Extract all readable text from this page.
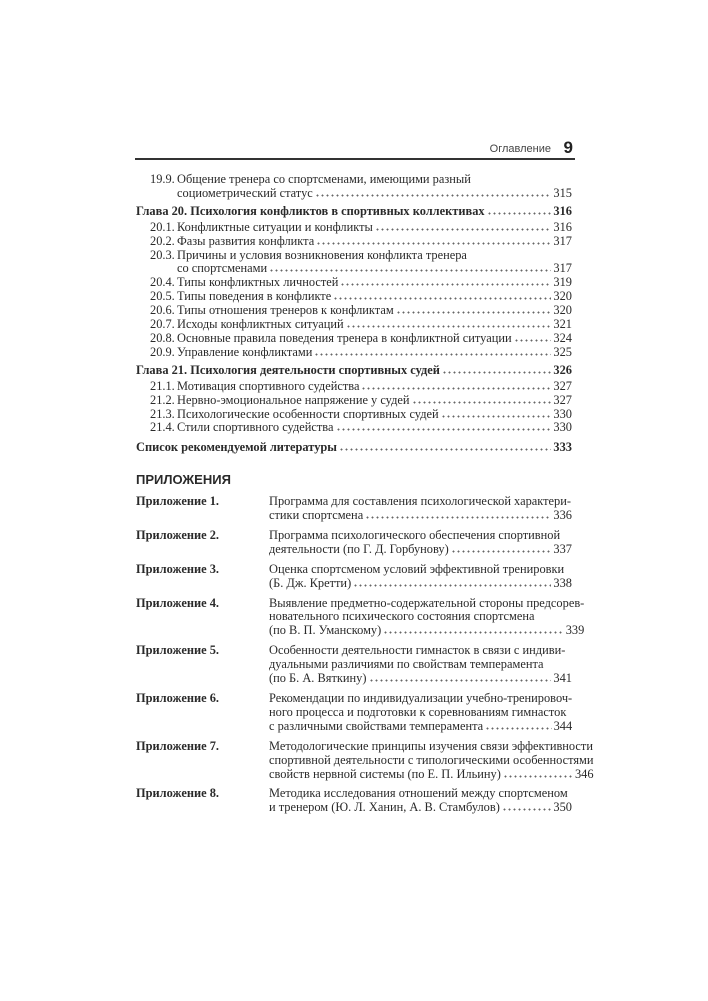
Оглавление 9
19.9. Общение тренера со спортсменами, имеющими разный
социометрический статус	315
Глава 20. Психология конфликтов в спортивных коллективах	316
20.1. Конфликтные ситуации и конфликты	316
20.2. Фазы развития конфликта	317
20.3. Причины и условия возникновения конфликта тренера
со спортсменами	317
20.4. Типы конфликтных личностей	319
20.5. Типы поведения в конфликте	320
20.6. Типы отношения тренеров к конфликтам	320
20.7. Исходы конфликтных ситуаций	321
20.8. Основные правила поведения тренера в конфликтной ситуации	324
20.9. Управление конфликтами	325
Глава 21. Психология деятельности спортивных судей	326
21.1. Мотивация спортивного судейства	327
21.2. Нервно-эмоциональное напряжение у судей	327
21.3. Психологические особенности спортивных судей	330
21.4. Стили спортивного судейства	330
Список рекомендуемой литературы	333
ПРИЛОЖЕНИЯ
Приложение 1.	Программа для составления психологической характери-
стики спортсмена	336
Приложение 2.	Программа психологического обеспечения спортивной
деятельности (по Г. Д. Горбунову)	337
Приложение 3.	Оценка спортсменом условий эффективной тренировки
(Б. Дж. Кретти)	338
Приложение 4.	Выявление предметно-содержательной стороны предсорев-
новательного психического состояния спортсмена
(по В. П. Уманскому)	339
Приложение 5.	Особенности деятельности гимнасток в связи с индиви-
дуальными различиями по свойствам темперамента
(по Б. А. Вяткину)	341
Приложение 6.	Рекомендации по индивидуализации учебно-тренировоч-
ного процесса и подготовки к соревнованиям гимнасток
с различными свойствами темперамента	344
Приложение 7.	Методологические принципы изучения связи эффективности
спортивной деятельности с типологическими особенностями
свойств нервной системы (по Е. П. Ильину)	346
Приложение 8.	Методика исследования отношений между спортсменом
и тренером (Ю. Л. Ханин, А. В. Стамбулов)	350
